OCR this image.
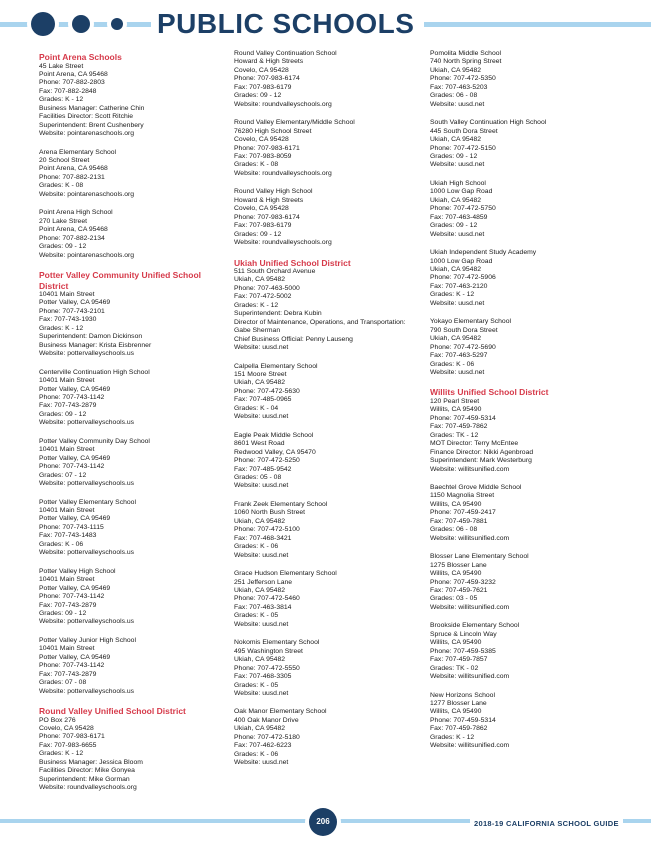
PUBLIC SCHOOLS
Point Arena Schools
45 Lake Street
Point Arena, CA 95468
Phone: 707-882-2803
Fax: 707-882-2848
Grades: K - 12
Business Manager: Catherine Chin
Facilities Director: Scott Ritchie
Superintendent: Brent Cushenbery
Website: pointarenaschools.org
Arena Elementary School
20 School Street
Point Arena, CA 95468
Phone: 707-882-2131
Grades: K - 08
Website: pointarenaschools.org
Point Arena High School
270 Lake Street
Point Arena, CA 95468
Phone: 707-882-2134
Grades: 09 - 12
Website: pointarenaschools.org
Potter Valley Community Unified School District
10401 Main Street
Potter Valley, CA 95469
Phone: 707-743-2101
Fax: 707-743-1930
Grades: K - 12
Superintendent: Damon Dickinson
Business Manager: Krista Eisbrenner
Website: pottervalleyschools.us
Centerville Continuation High School
10401 Main Street
Potter Valley, CA 95469
Phone: 707-743-1142
Fax: 707-743-2879
Grades: 09 - 12
Website: pottervalleyschools.us
Potter Valley Community Day School
10401 Main Street
Potter Valley, CA 95469
Phone: 707-743-1142
Grades: 07 - 12
Website: pottervalleyschools.us
Potter Valley Elementary School
10401 Main Street
Potter Valley, CA 95469
Phone: 707-743-1115
Fax: 707-743-1483
Grades: K - 06
Website: pottervalleyschools.us
Potter Valley High School
10401 Main Street
Potter Valley, CA 95469
Phone: 707-743-1142
Fax: 707-743-2879
Grades: 09 - 12
Website: pottervalleyschools.us
Potter Valley Junior High School
10401 Main Street
Potter Valley, CA 95469
Phone: 707-743-1142
Fax: 707-743-2879
Grades: 07 - 08
Website: pottervalleyschools.us
Round Valley Unified School District
PO Box 276
Covelo, CA 95428
Phone: 707-983-6171
Fax: 707-983-6655
Grades: K - 12
Business Manager: Jessica Bloom
Facilities Director: Mike Gonyea
Superintendent: Mike Gorman
Website: roundvalleyschools.org
Round Valley Continuation School
Howard & High Streets
Covelo, CA 95428
Phone: 707-983-6174
Fax: 707-983-6179
Grades: 09 - 12
Website: roundvalleyschools.org
Round Valley Elementary/Middle School
76280 High School Street
Covelo, CA 95428
Phone: 707-983-6171
Fax: 707-983-8059
Grades: K - 08
Website: roundvalleyschools.org
Round Valley High School
Howard & High Streets
Covelo, CA 95428
Phone: 707-983-6174
Fax: 707-983-6179
Grades: 09 - 12
Website: roundvalleyschools.org
Ukiah Unified School District
511 South Orchard Avenue
Ukiah, CA 95482
Phone: 707-463-5000
Fax: 707-472-5002
Grades: K - 12
Superintendent: Debra Kubin
Director of Maintenance, Operations, and Transportation:
Gabe Sherman
Chief Business Official: Penny Lauseng
Website: uusd.net
Calpella Elementary School
151 Moore Street
Ukiah, CA 95482
Phone: 707-472-5630
Fax: 707-485-0965
Grades: K - 04
Website: uusd.net
Eagle Peak Middle School
8601 West Road
Redwood Valley, CA 95470
Phone: 707-472-5250
Fax: 707-485-9542
Grades: 05 - 08
Website: uusd.net
Frank Zeek Elementary School
1060 North Bush Street
Ukiah, CA 95482
Phone: 707-472-5100
Fax: 707-468-3421
Grades: K - 06
Website: uusd.net
Grace Hudson Elementary School
251 Jefferson Lane
Ukiah, CA 95482
Phone: 707-472-5460
Fax: 707-463-3814
Grades: K - 05
Website: uusd.net
Nokomis Elementary School
495 Washington Street
Ukiah, CA 95482
Phone: 707-472-5550
Fax: 707-468-3305
Grades: K - 05
Website: uusd.net
Oak Manor Elementary School
400 Oak Manor Drive
Ukiah, CA 95482
Phone: 707-472-5180
Fax: 707-462-6223
Grades: K - 06
Website: uusd.net
Pomolita Middle School
740 North Spring Street
Ukiah, CA 95482
Phone: 707-472-5350
Fax: 707-463-5203
Grades: 06 - 08
Website: uusd.net
South Valley Continuation High School
445 South Dora Street
Ukiah, CA 95482
Phone: 707-472-5150
Grades: 09 - 12
Website: uusd.net
Ukiah High School
1000 Low Gap Road
Ukiah, CA 95482
Phone: 707-472-5750
Fax: 707-463-4859
Grades: 09 - 12
Website: uusd.net
Ukiah Independent Study Academy
1000 Low Gap Road
Ukiah, CA 95482
Phone: 707-472-5906
Fax: 707-463-2120
Grades: K - 12
Website: uusd.net
Yokayo Elementary School
790 South Dora Street
Ukiah, CA 95482
Phone: 707-472-5690
Fax: 707-463-5297
Grades: K - 06
Website: uusd.net
Willits Unified School District
120 Pearl Street
Willits, CA 95490
Phone: 707-459-5314
Fax: 707-459-7862
Grades: TK - 12
MOT Director: Terry McEntee
Finance Director: Nikki Agenbroad
Superintendent: Mark Westerburg
Website: willitsunified.com
Baechtel Grove Middle School
1150 Magnolia Street
Willits, CA 95490
Phone: 707-459-2417
Fax: 707-459-7881
Grades: 06 - 08
Website: willitsunified.com
Blosser Lane Elementary School
1275 Blosser Lane
Willits, CA 95490
Phone: 707-459-3232
Fax: 707-459-7621
Grades: 03 - 05
Website: willitsunified.com
Brookside Elementary School
Spruce & Lincoln Way
Willits, CA 95490
Phone: 707-459-5385
Fax: 707-459-7857
Grades: TK - 02
Website: willitsunified.com
New Horizons School
1277 Blosser Lane
Willits, CA 95490
Phone: 707-459-5314
Fax: 707-459-7862
Grades: K - 12
Website: willitsunified.com
206	2018-19 CALIFORNIA SCHOOL GUIDE
